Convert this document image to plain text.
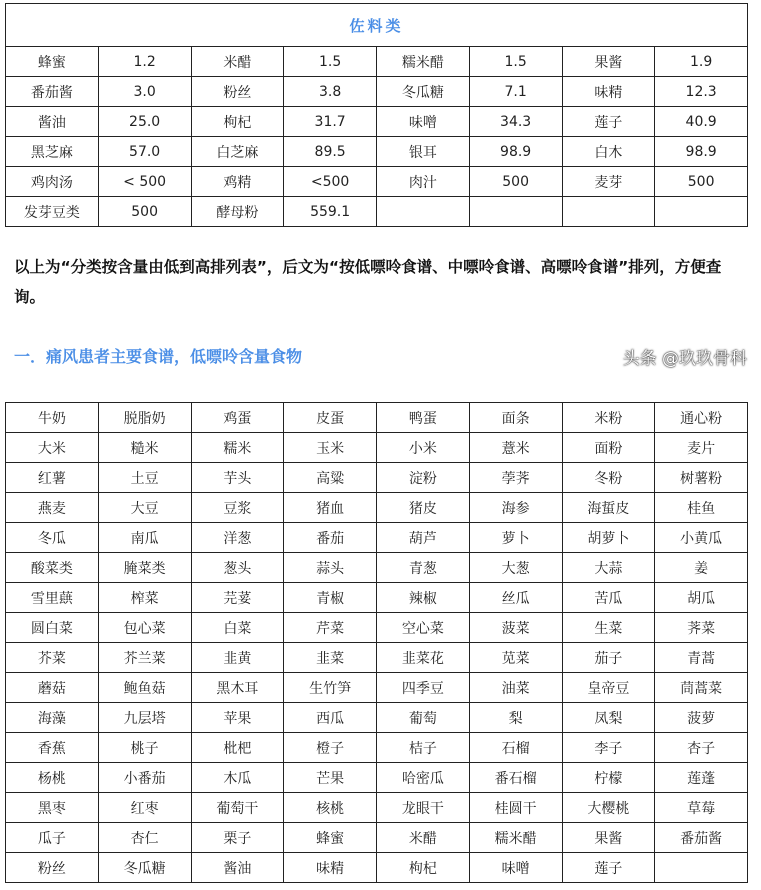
佐料类							
蜂蜜	1.2	米醋	1.5	糯米醋	1.5	果酱	1.9
番茄酱	3.0	粉丝	3.8	冬瓜糖	7.1	味精	12.3
酱油	25.0	枸杞	31.7	味噌	34.3	莲子	40.9
黑芝麻	57.0	白芝麻	89.5	银耳	98.9	白木	98.9
鸡肉汤	< 500	鸡精	<500	肉汁	500	麦芽	500
发芽豆类	500	酵母粉	559.1				
以上为“分类按含量由低到高排列表”，后文为“按低嘌呤食谱、中嘌呤食谱、高嘌呤食谱”排列，方便查询。
一．痛风患者主要食谱，低嘌呤含量食物	头条 @玖玖骨科
牛奶	脱脂奶	鸡蛋	皮蛋	鸭蛋	面条	米粉	通心粉
大米	糙米	糯米	玉米	小米	薏米	面粉	麦片
红薯	土豆	芋头	高粱	淀粉	荸荠	冬粉	树薯粉
燕麦	大豆	豆浆	猪血	猪皮	海参	海蜇皮	桂鱼
冬瓜	南瓜	洋葱	番茄	葫芦	萝卜	胡萝卜	小黄瓜
酸菜类	腌菜类	葱头	蒜头	青葱	大葱	大蒜	姜
雪里蕻	榨菜	芫荽	青椒	辣椒	丝瓜	苦瓜	胡瓜
圆白菜	包心菜	白菜	芹菜	空心菜	菠菜	生菜	荠菜
芥菜	芥兰菜	韭黄	韭菜	韭菜花	苋菜	茄子	青蒿
蘑菇	鲍鱼菇	黑木耳	生竹笋	四季豆	油菜	皇帝豆	茼蒿菜
海藻	九层塔	苹果	西瓜	葡萄	梨	凤梨	菠萝
香蕉	桃子	枇杷	橙子	桔子	石榴	李子	杏子
杨桃	小番茄	木瓜	芒果	哈密瓜	番石榴	柠檬	莲蓬
黑枣	红枣	葡萄干	核桃	龙眼干	桂圆干	大樱桃	草莓
瓜子	杏仁	栗子	蜂蜜	米醋	糯米醋	果酱	番茄酱
粉丝	冬瓜糖	酱油	味精	枸杞	味噌	莲子	
